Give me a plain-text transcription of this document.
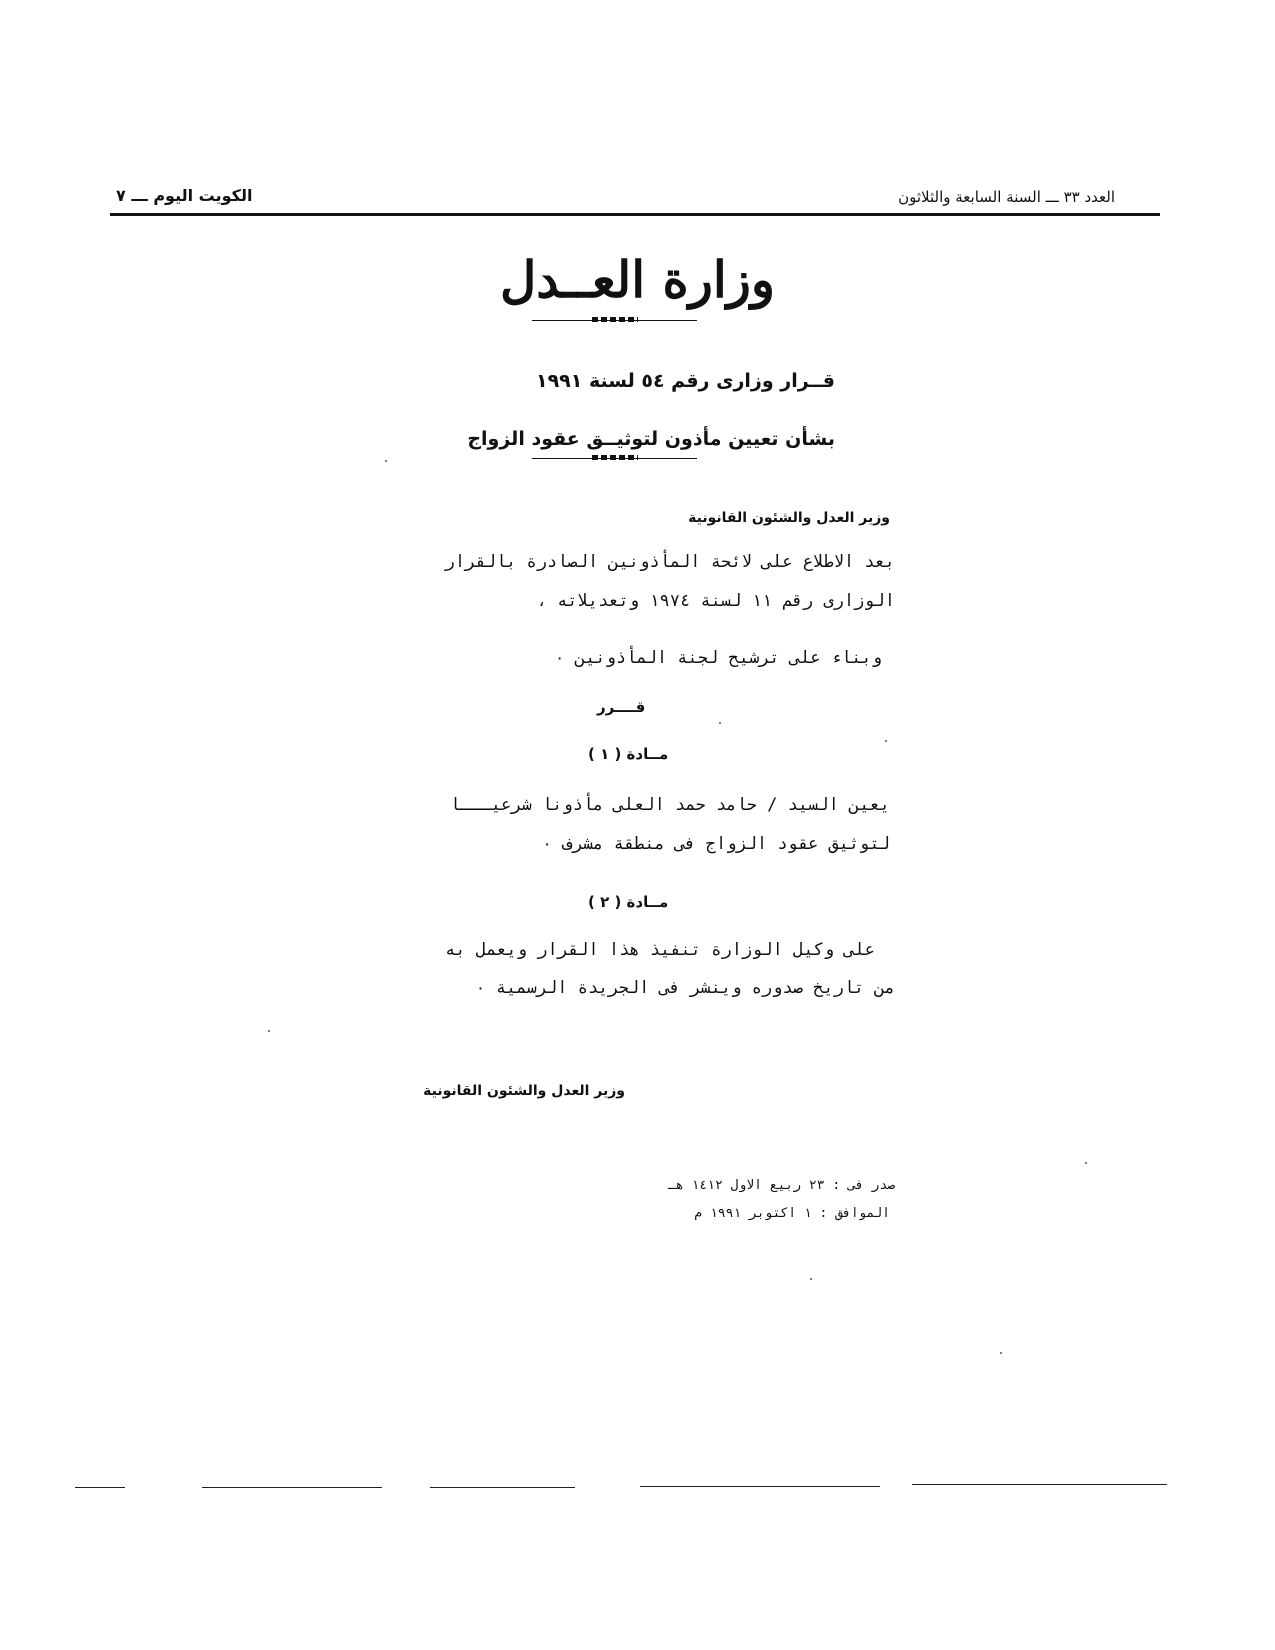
العدد ٣٣ ـــ السنة السابعة والثلاثون
الكويت اليوم ـــ ٧
وزارة العــدل
قــرار وزارى رقم ٥٤ لسنة ١٩٩١
بشأن تعيين مأذون لتوثيــق عقود الزواج
وزير العدل والشئون القانونية
بعد الاطلاع على لائحة المأذونين الصادرة بالقرار
الوزارى رقم ١١ لسنة ١٩٧٤ وتعديلاته ،
وبناء على ترشيح لجنة المأذونين ٠
قــــرر
مــادة ( ١ )
يعين السيد / حامد حمد العلى مأذونا شرعيـــا
لتوثيق عقود الزواج فى منطقة مشرف ٠
مــادة ( ٢ )
على وكيل الوزارة تنفيذ هذا القرار ويعمل به
من تاريخ صدوره وينشر فى الجريدة الرسمية ٠
وزير العدل والشئون القانونية
صدر فى : ٢٣ ربيع الاول ١٤١٢ هـ
الموافق : ١ اكتوبر ١٩٩١ م
